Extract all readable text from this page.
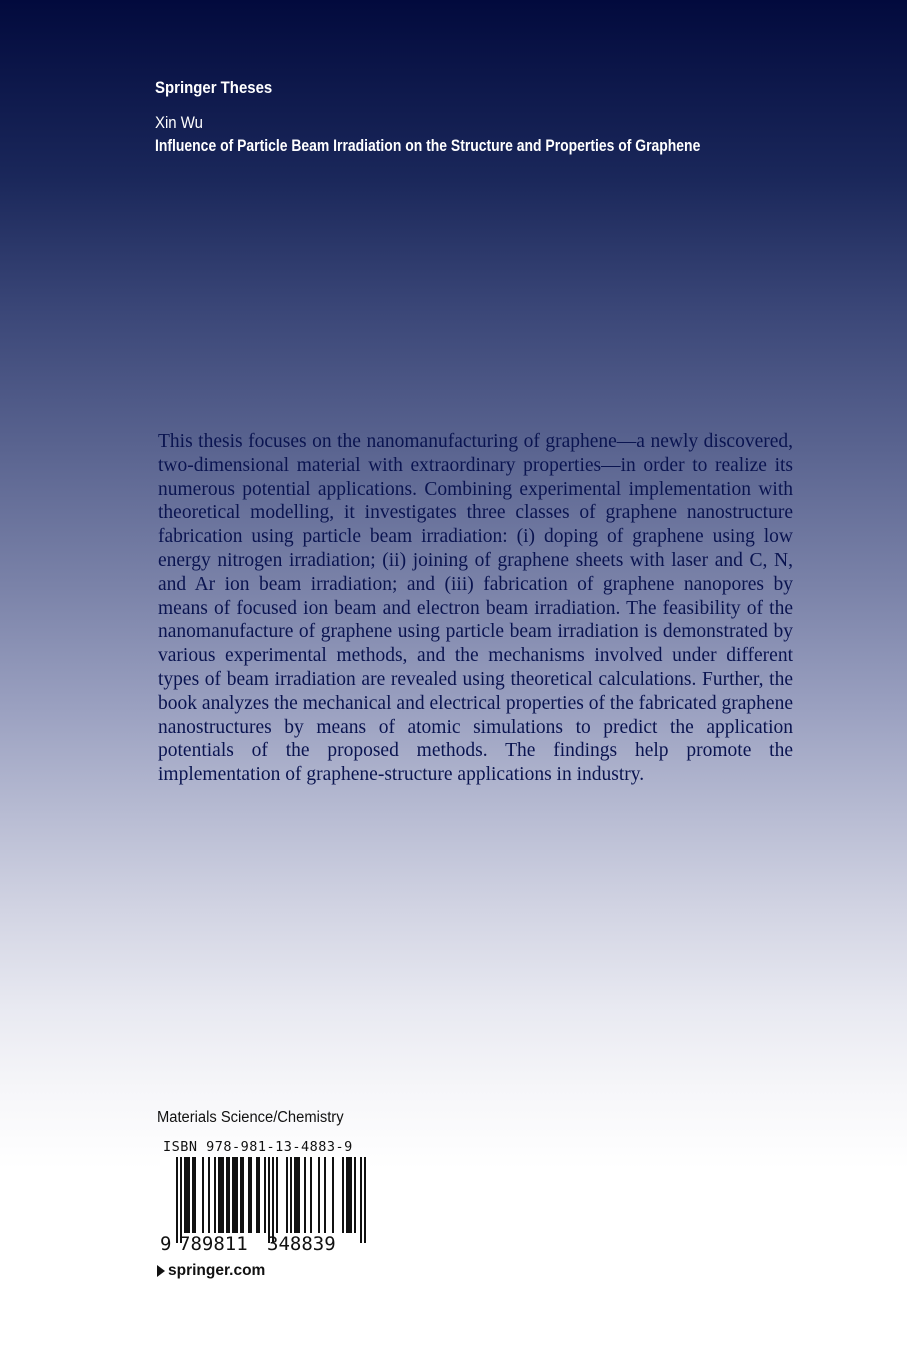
Springer Theses
Xin Wu
Influence of Particle Beam Irradiation on the Structure and Properties of Graphene
This thesis focuses on the nanomanufacturing of graphene—a newly discovered, two-dimensional material with extraordinary properties—in order to realize its numerous potential applications. Combining experimental implementation with theoretical modelling, it investigates three classes of graphene nanostructure fabrication using particle beam irradiation: (i) doping of graphene using low energy nitrogen irradiation; (ii) joining of graphene sheets with laser and C, N, and Ar ion beam irradiation; and (iii) fabrication of graphene nanopores by means of focused ion beam and electron beam irradiation. The feasibility of the nanomanufacture of graphene using particle beam irradiation is demonstrated by various experimental methods, and the mechanisms involved under different types of beam irradiation are revealed using theoretical calculations. Further, the book analyzes the mechanical and electrical properties of the fabricated graphene nanostructures by means of atomic simulations to predict the application potentials of the proposed methods. The findings help promote the implementation of graphene-structure applications in industry.
Materials Science/Chemistry
ISBN 978-981-13-4883-9
9 789811 348839
springer.com
